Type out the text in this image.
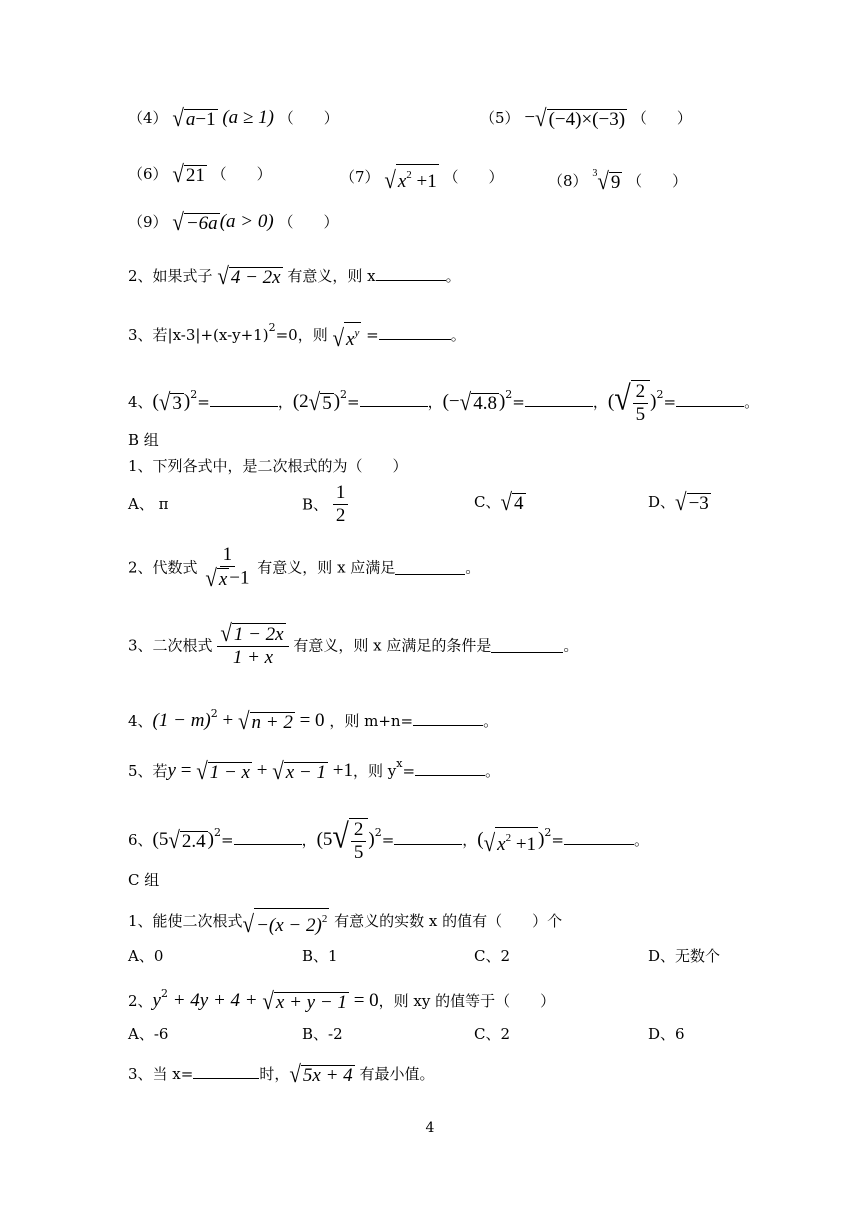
（4） √ a−1 (a ≥ 1) （　　）	（5） −√ (−4)×(−3) （　　）
（6） √ 21 （　　）	（7） √ $x^2 +1$ （　　）	（8） $^3$√ 9 （　　）
（9） √ −6a (a > 0) （　　）
2、如果式子 √ 4 − 2x 有意义，则 x	。
3、若$|x-3|+(x-y+1)^2=0$，则 √ $x^y$ =	。
4、(√ 3 )$^2$=	，(2√ 5 )$^2$=	，(−√ 4.8 )$^2$=	，(√ $\frac{2}{5} )^2=$	。
B 组
1、下列各式中，是二次根式的为（　　）
A、 π	B、 $\frac{1}{2}$	C、√ 4	D、√ −3
2、代数式 $\frac{1}{√ x -1}$ 有意义，则 x 应满足	。
3、二次根式 $\frac{√ 1 - 2x}{1 + x}$ 有意义，则 x 应满足的条件是	。
4、$(1 - m)^2$ + √ n + 2 = 0 ，则 m+n=	。
5、若y = √ 1 − x + √ x − 1 +1，则 $y^x=$	。
6、(5√ 2.4 )$^2$=	，$(5√ \frac{2}{5} )^2=$	，(√ $x^2 +1$ )$^2$=	。
C 组
1、能使二次根式√ $-(x - 2)^2$ 有意义的实数 x 的值有（　　）个
A、0	B、1	C、2	D、无数个
2、$y^2 + 4y + 4$ + √ x + y − 1 = 0，则 xy 的值等于（　　）
A、-6	B、-2	C、2	D、6
3、当 x=	时，√ 5x + 4 有最小值。
4
